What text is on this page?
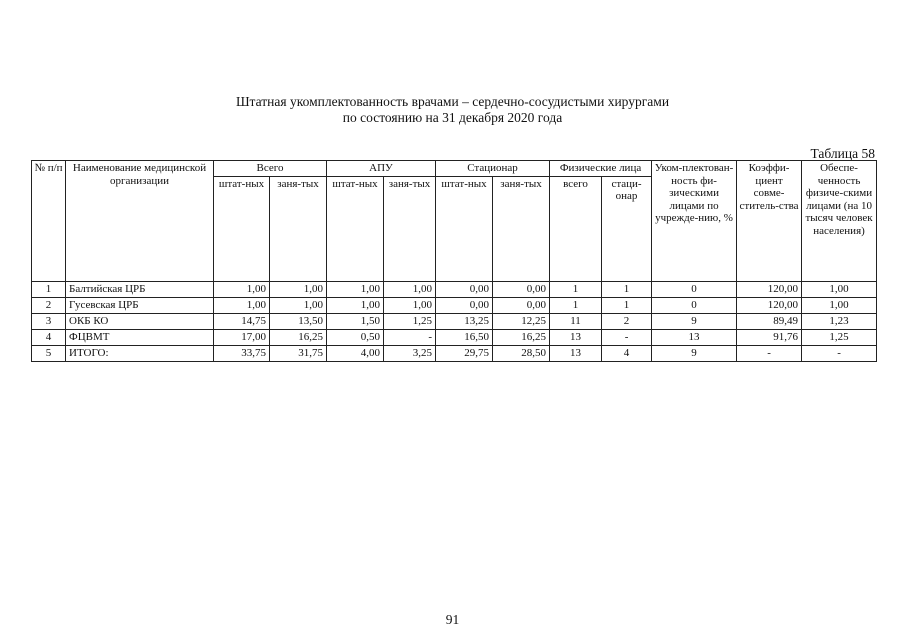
Штатная укомплектованность врачами – сердечно-сосудистыми хирургами
по состоянию на 31 декабря 2020 года
Таблица 58
№ п/п	Наименование медицинской организации	Всего		АПУ		Стационар		Физические лица		Уком-плектован-ность фи-зическими лицами по учрежде-нию, %	Коэффи-циент совме-ститель-ства	Обеспе-ченность физиче-скими лицами (на 10 тысяч человек населения)
		штат-ных	заня-тых	штат-ных	заня-тых	штат-ных	заня-тых	всего	стаци-онар			
1	Балтийская ЦРБ	1,00	1,00	1,00	1,00	0,00	0,00	1	1	0	120,00	1,00
2	Гусевская ЦРБ	1,00	1,00	1,00	1,00	0,00	0,00	1	1	0	120,00	1,00
3	ОКБ КО	14,75	13,50	1,50	1,25	13,25	12,25	11	2	9	89,49	1,23
4	ФЦВМТ	17,00	16,25	0,50	-	16,50	16,25	13	-	13	91,76	1,25
5	ИТОГО:	33,75	31,75	4,00	3,25	29,75	28,50	13	4	9	-	-
91
